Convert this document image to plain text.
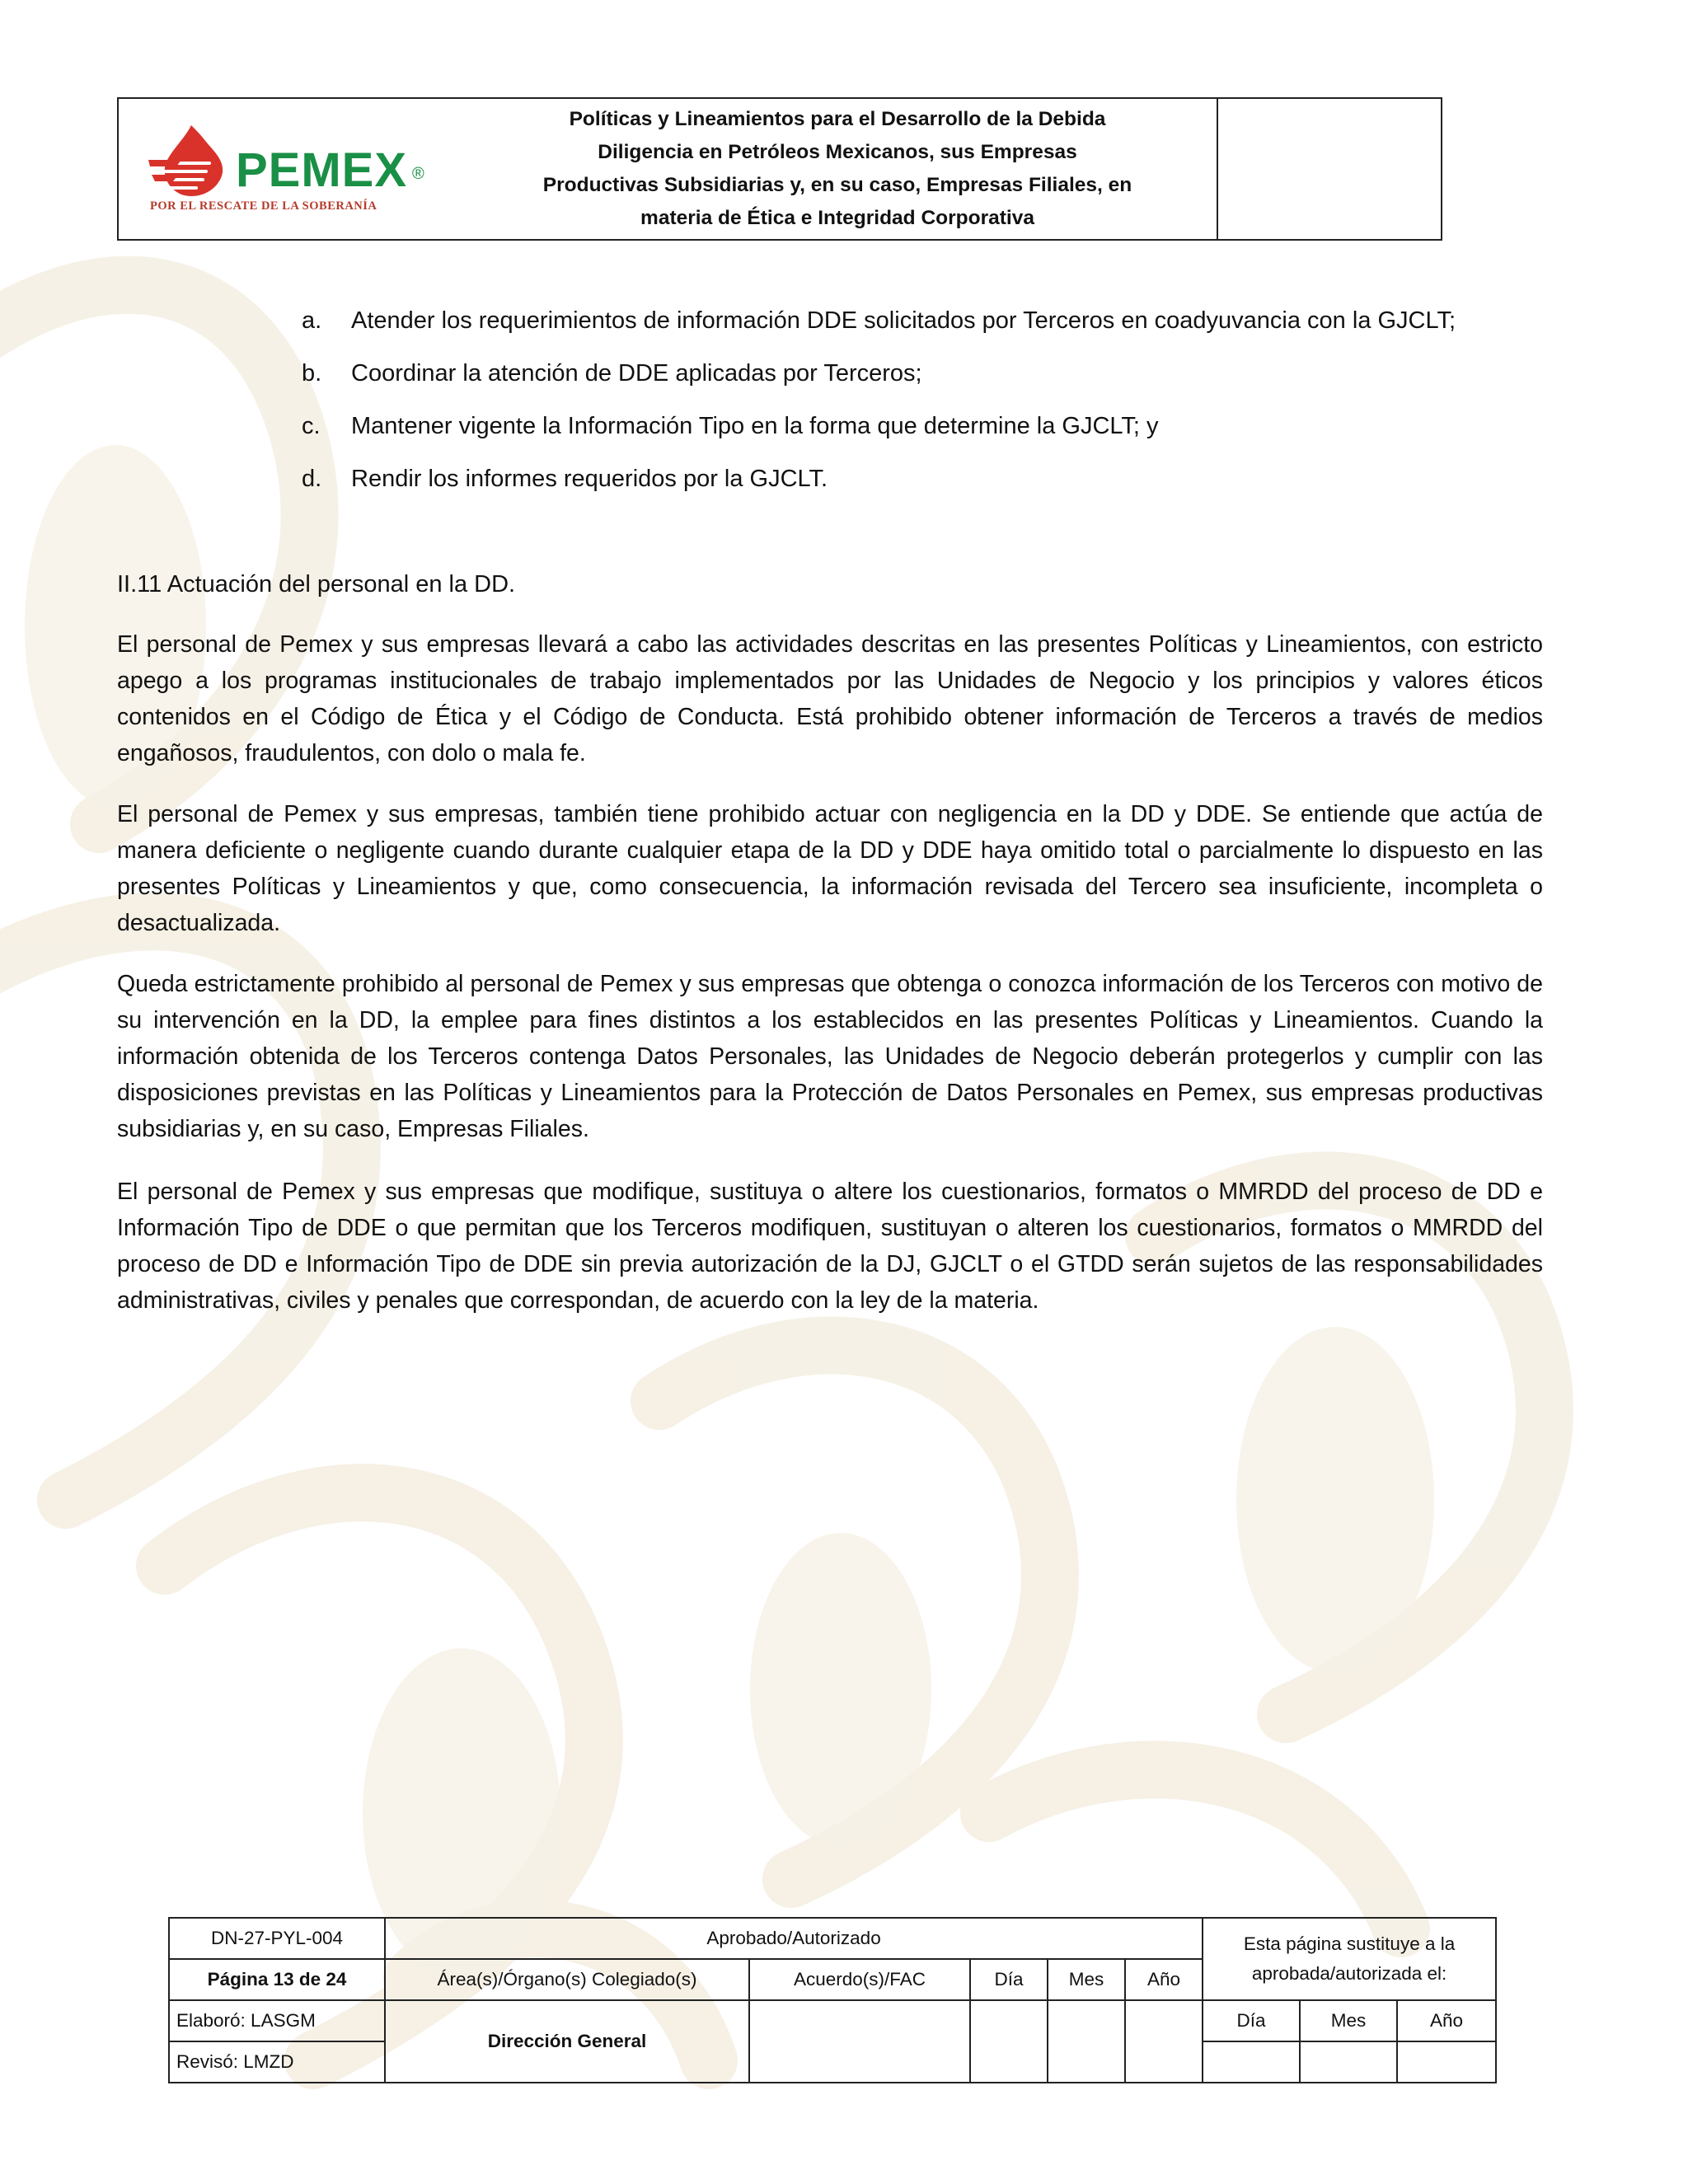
PEMEX ®
POR EL RESCATE DE LA SOBERANÍA
Políticas y Lineamientos para el Desarrollo de la Debida
Diligencia en Petróleos Mexicanos, sus Empresas
Productivas Subsidiarias y, en su caso, Empresas Filiales, en
materia de Ética e Integridad Corporativa
a. Atender los requerimientos de información DDE solicitados por Terceros en coadyuvancia con la GJCLT;
b. Coordinar la atención de DDE aplicadas por Terceros;
c. Mantener vigente la Información Tipo en la forma que determine la GJCLT; y
d. Rendir los informes requeridos por la GJCLT.
II.11 Actuación del personal en la DD.

El personal de Pemex y sus empresas llevará a cabo las actividades descritas en las presentes Políticas y Lineamientos, con estricto apego a los programas institucionales de trabajo implementados por las Unidades de Negocio y los principios y valores éticos contenidos en el Código de Ética y el Código de Conducta. Está prohibido obtener información de Terceros a través de medios engañosos, fraudulentos, con dolo o mala fe.

El personal de Pemex y sus empresas, también tiene prohibido actuar con negligencia en la DD y DDE. Se entiende que actúa de manera deficiente o negligente cuando durante cualquier etapa de la DD y DDE haya omitido total o parcialmente lo dispuesto en las presentes Políticas y Lineamientos y que, como consecuencia, la información revisada del Tercero sea insuficiente, incompleta o desactualizada.

Queda estrictamente prohibido al personal de Pemex y sus empresas que obtenga o conozca información de los Terceros con motivo de su intervención en la DD, la emplee para fines distintos a los establecidos en las presentes Políticas y Lineamientos. Cuando la información obtenida de los Terceros contenga Datos Personales, las Unidades de Negocio deberán protegerlos y cumplir con las disposiciones previstas en las Políticas y Lineamientos para la Protección de Datos Personales en Pemex, sus empresas productivas subsidiarias y, en su caso, Empresas Filiales.

El personal de Pemex y sus empresas que modifique, sustituya o altere los cuestionarios, formatos o MMRDD del proceso de DD e Información Tipo de DDE o que permitan que los Terceros modifiquen, sustituyan o alteren los cuestionarios, formatos o MMRDD del proceso de DD e Información Tipo de DDE sin previa autorización de la DJ, GJCLT o el GTDD serán sujetos de las responsabilidades administrativas, civiles y penales que correspondan, de acuerdo con la ley de la materia.

DN-27-PYL-004	Aprobado/Autorizado					Esta página sustituye a la aprobada/autorizada el:		
Página 13 de 24	Área(s)/Órgano(s) Colegiado(s)	Acuerdo(s)/FAC	Día	Mes	Año			
Elaboró: LASGM	Dirección General					Día	Mes	Año
Revisó: LMZD								
